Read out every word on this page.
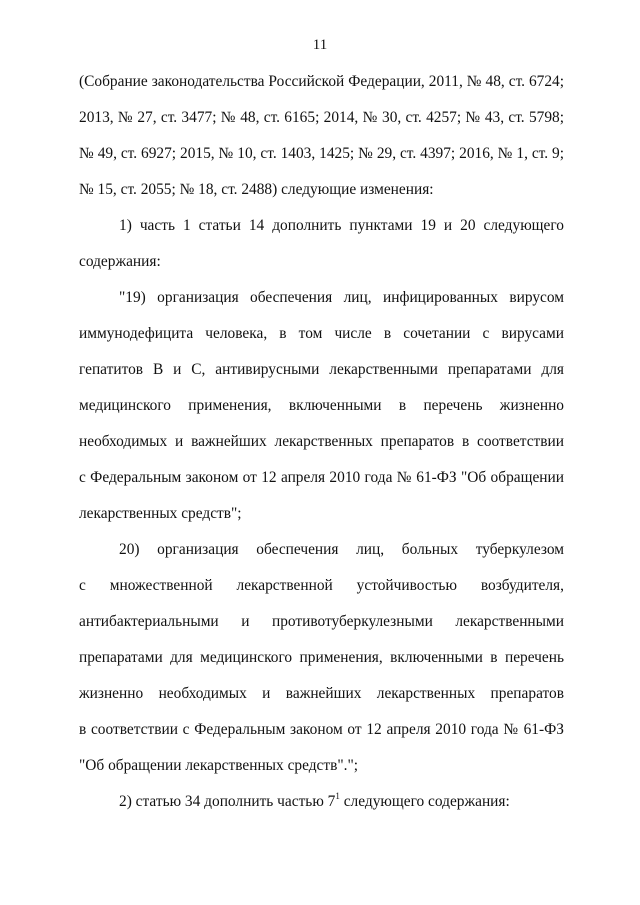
11
(Собрание законодательства Российской Федерации, 2011, № 48, ст. 6724;
2013, № 27, ст. 3477; № 48, ст. 6165; 2014, № 30, ст. 4257; № 43, ст. 5798;
№ 49, ст. 6927; 2015, № 10, ст. 1403, 1425; № 29, ст. 4397; 2016, № 1, ст. 9;
№ 15, ст. 2055; № 18, ст. 2488) следующие изменения:
1) часть 1 статьи 14 дополнить пунктами 19 и 20 следующего
содержания:
"19) организация обеспечения лиц, инфицированных вирусом
иммунодефицита человека, в том числе в сочетании с вирусами
гепатитов B и C, антивирусными лекарственными препаратами для
медицинского применения, включенными в перечень жизненно
необходимых и важнейших лекарственных препаратов в соответствии
с Федеральным законом от 12 апреля 2010 года № 61-ФЗ "Об обращении
лекарственных средств";
20) организация обеспечения лиц, больных туберкулезом
с множественной лекарственной устойчивостью возбудителя,
антибактериальными и противотуберкулезными лекарственными
препаратами для медицинского применения, включенными в перечень
жизненно необходимых и важнейших лекарственных препаратов
в соответствии с Федеральным законом от 12 апреля 2010 года № 61-ФЗ
"Об обращении лекарственных средств".";
2) статью 34 дополнить частью $7^1$ следующего содержания:
